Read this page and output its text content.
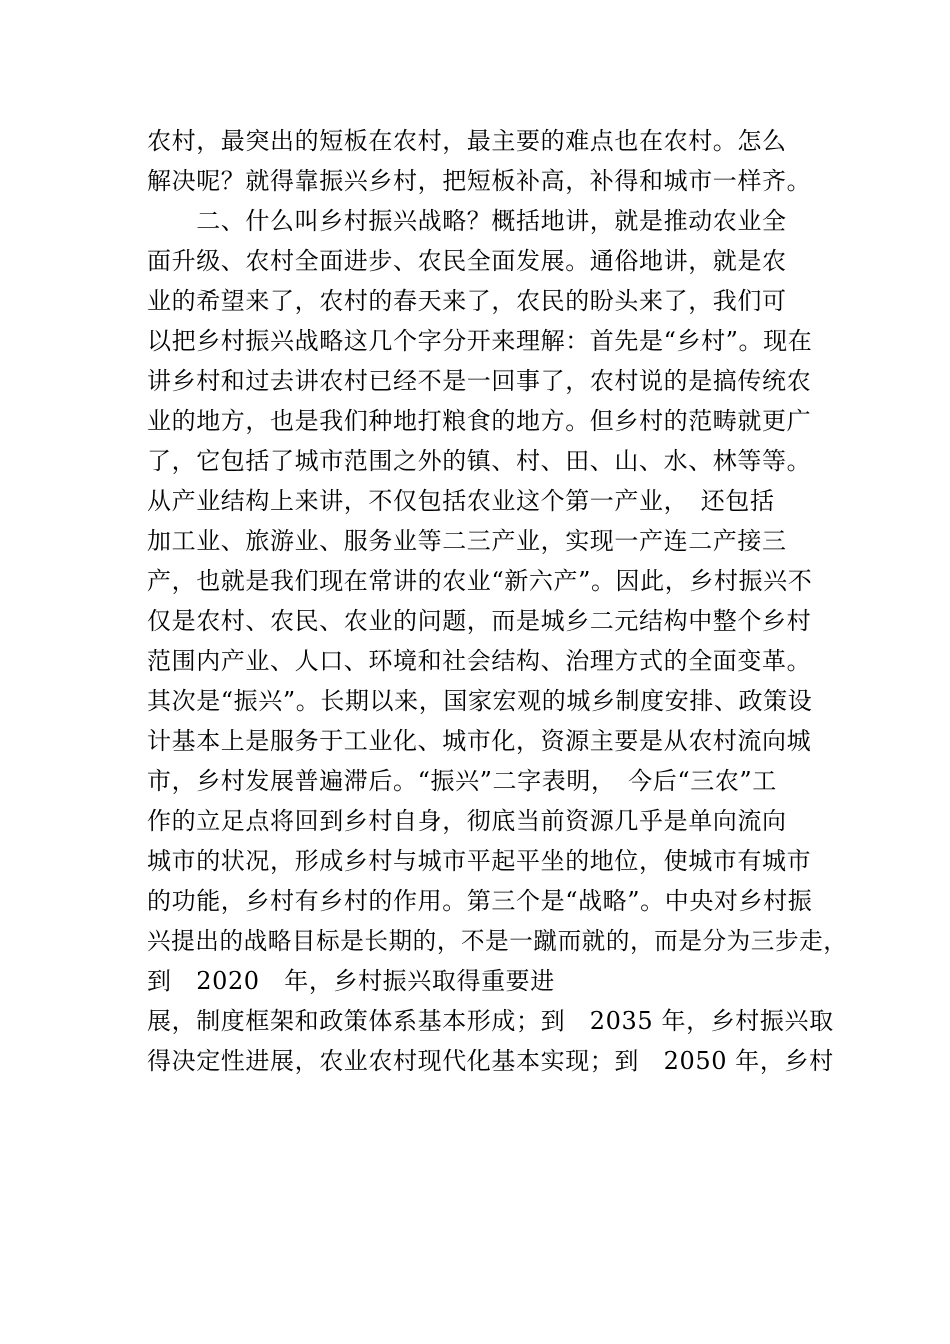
农村，最突出的短板在农村，最主要的难点也在农村。怎么
解决呢？就得靠振兴乡村，把短板补高，补得和城市一样齐。
　　二、什么叫乡村振兴战略？概括地讲，就是推动农业全
面升级、农村全面进步、农民全面发展。通俗地讲，就是农
业的希望来了，农村的春天来了，农民的盼头来了，我们可
以把乡村振兴战略这几个字分开来理解：首先是“乡村”。现在
讲乡村和过去讲农村已经不是一回事了，农村说的是搞传统农
业的地方，也是我们种地打粮食的地方。但乡村的范畴就更广
了，它包括了城市范围之外的镇、村、田、山、水、林等等。
从产业结构上来讲，不仅包括农业这个第一产业，　还包括
加工业、旅游业、服务业等二三产业，实现一产连二产接三
产，也就是我们现在常讲的农业“新六产”。因此，乡村振兴不
仅是农村、农民、农业的问题，而是城乡二元结构中整个乡村
范围内产业、人口、环境和社会结构、治理方式的全面变革。
其次是“振兴”。长期以来，国家宏观的城乡制度安排、政策设
计基本上是服务于工业化、城市化，资源主要是从农村流向城
市，乡村发展普遍滞后。“振兴”二字表明，　今后“三农”工
作的立足点将回到乡村自身，彻底当前资源几乎是单向流向
城市的状况，形成乡村与城市平起平坐的地位，使城市有城市
的功能，乡村有乡村的作用。第三个是“战略”。中央对乡村振
兴提出的战略目标是长期的，不是一蹴而就的，而是分为三步走，
到　2020　年，乡村振兴取得重要进
展，制度框架和政策体系基本形成；到　2035 年，乡村振兴取
得决定性进展，农业农村现代化基本实现；到　2050 年，乡村
